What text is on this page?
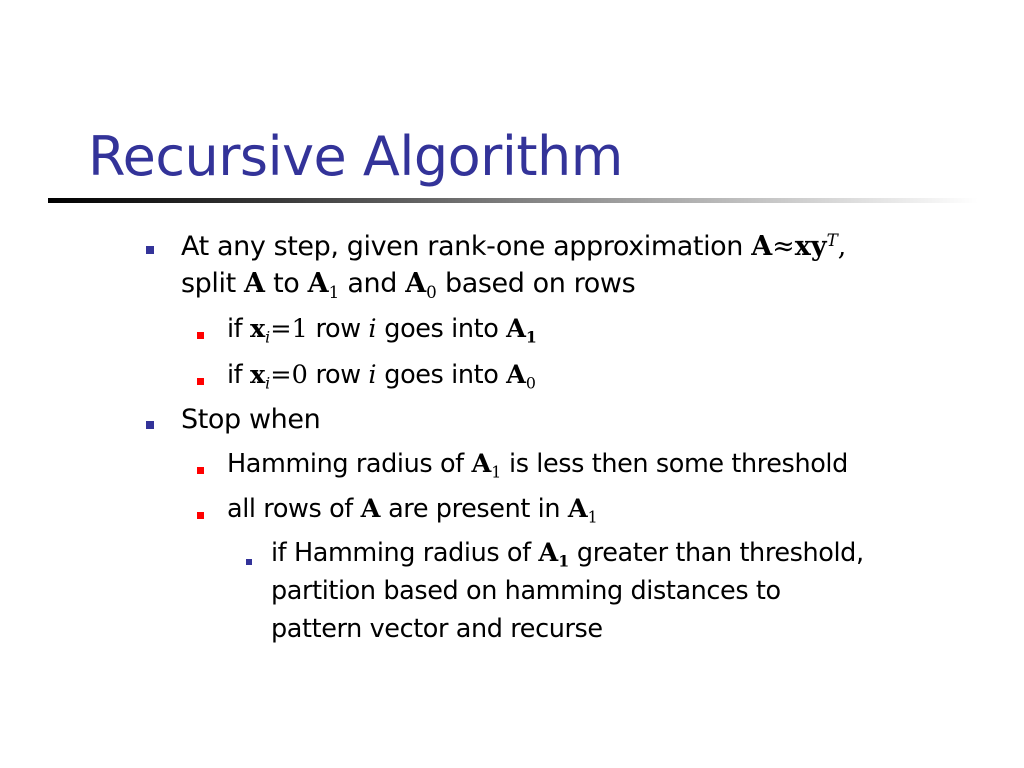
Recursive Algorithm
At any step, given rank-one approximation $A\approx xy^T$,
split A to $A_1$ and $A_0$ based on rows
if $x_i=1$ row i goes into $A_1$
if $x_i=0$ row i goes into $A_0$
Stop when
Hamming radius of $A_1$ is less then some threshold
all rows of A are present in $A_1$
if Hamming radius of $A_1$ greater than threshold,
partition based on hamming distances to
pattern vector and recurse
